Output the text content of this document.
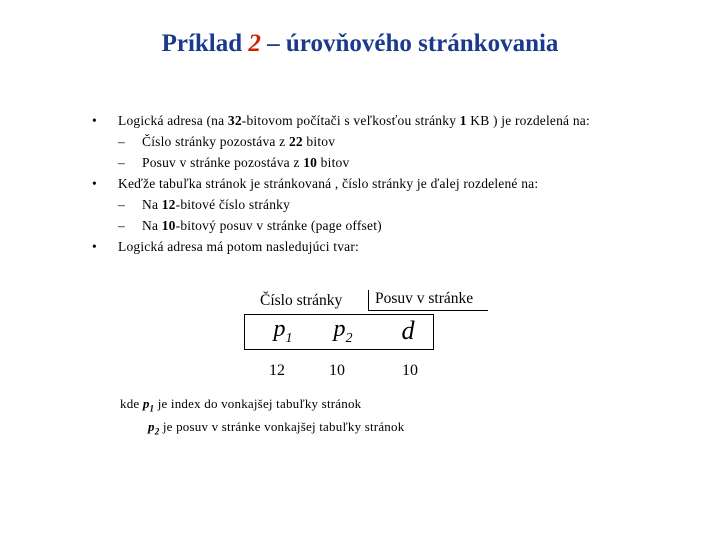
Príklad 2 – úrovňového stránkovania
•	Logická adresa (na 32-bitovom počítači s veľkosťou stránky 1 KB ) je rozdelená na:
– Číslo stránky pozostáva z 22 bitov
– Posuv v stránke pozostáva z 10 bitov
•	Keďže tabuľka stránok je stránkovaná , číslo stránky je ďalej rozdelené na:
– Na 12-bitové číslo stránky
– Na 10-bitový posuv v stránke (page offset)
•	Logická adresa má potom nasledujúci tvar:
Číslo stránky Posuv v stránke
$p_1$	$p_2$	d
12	10	10
kde $p_1$ je index do vonkajšej tabuľky stránok
$p_2$ je posuv v stránke vonkajšej tabuľky stránok
